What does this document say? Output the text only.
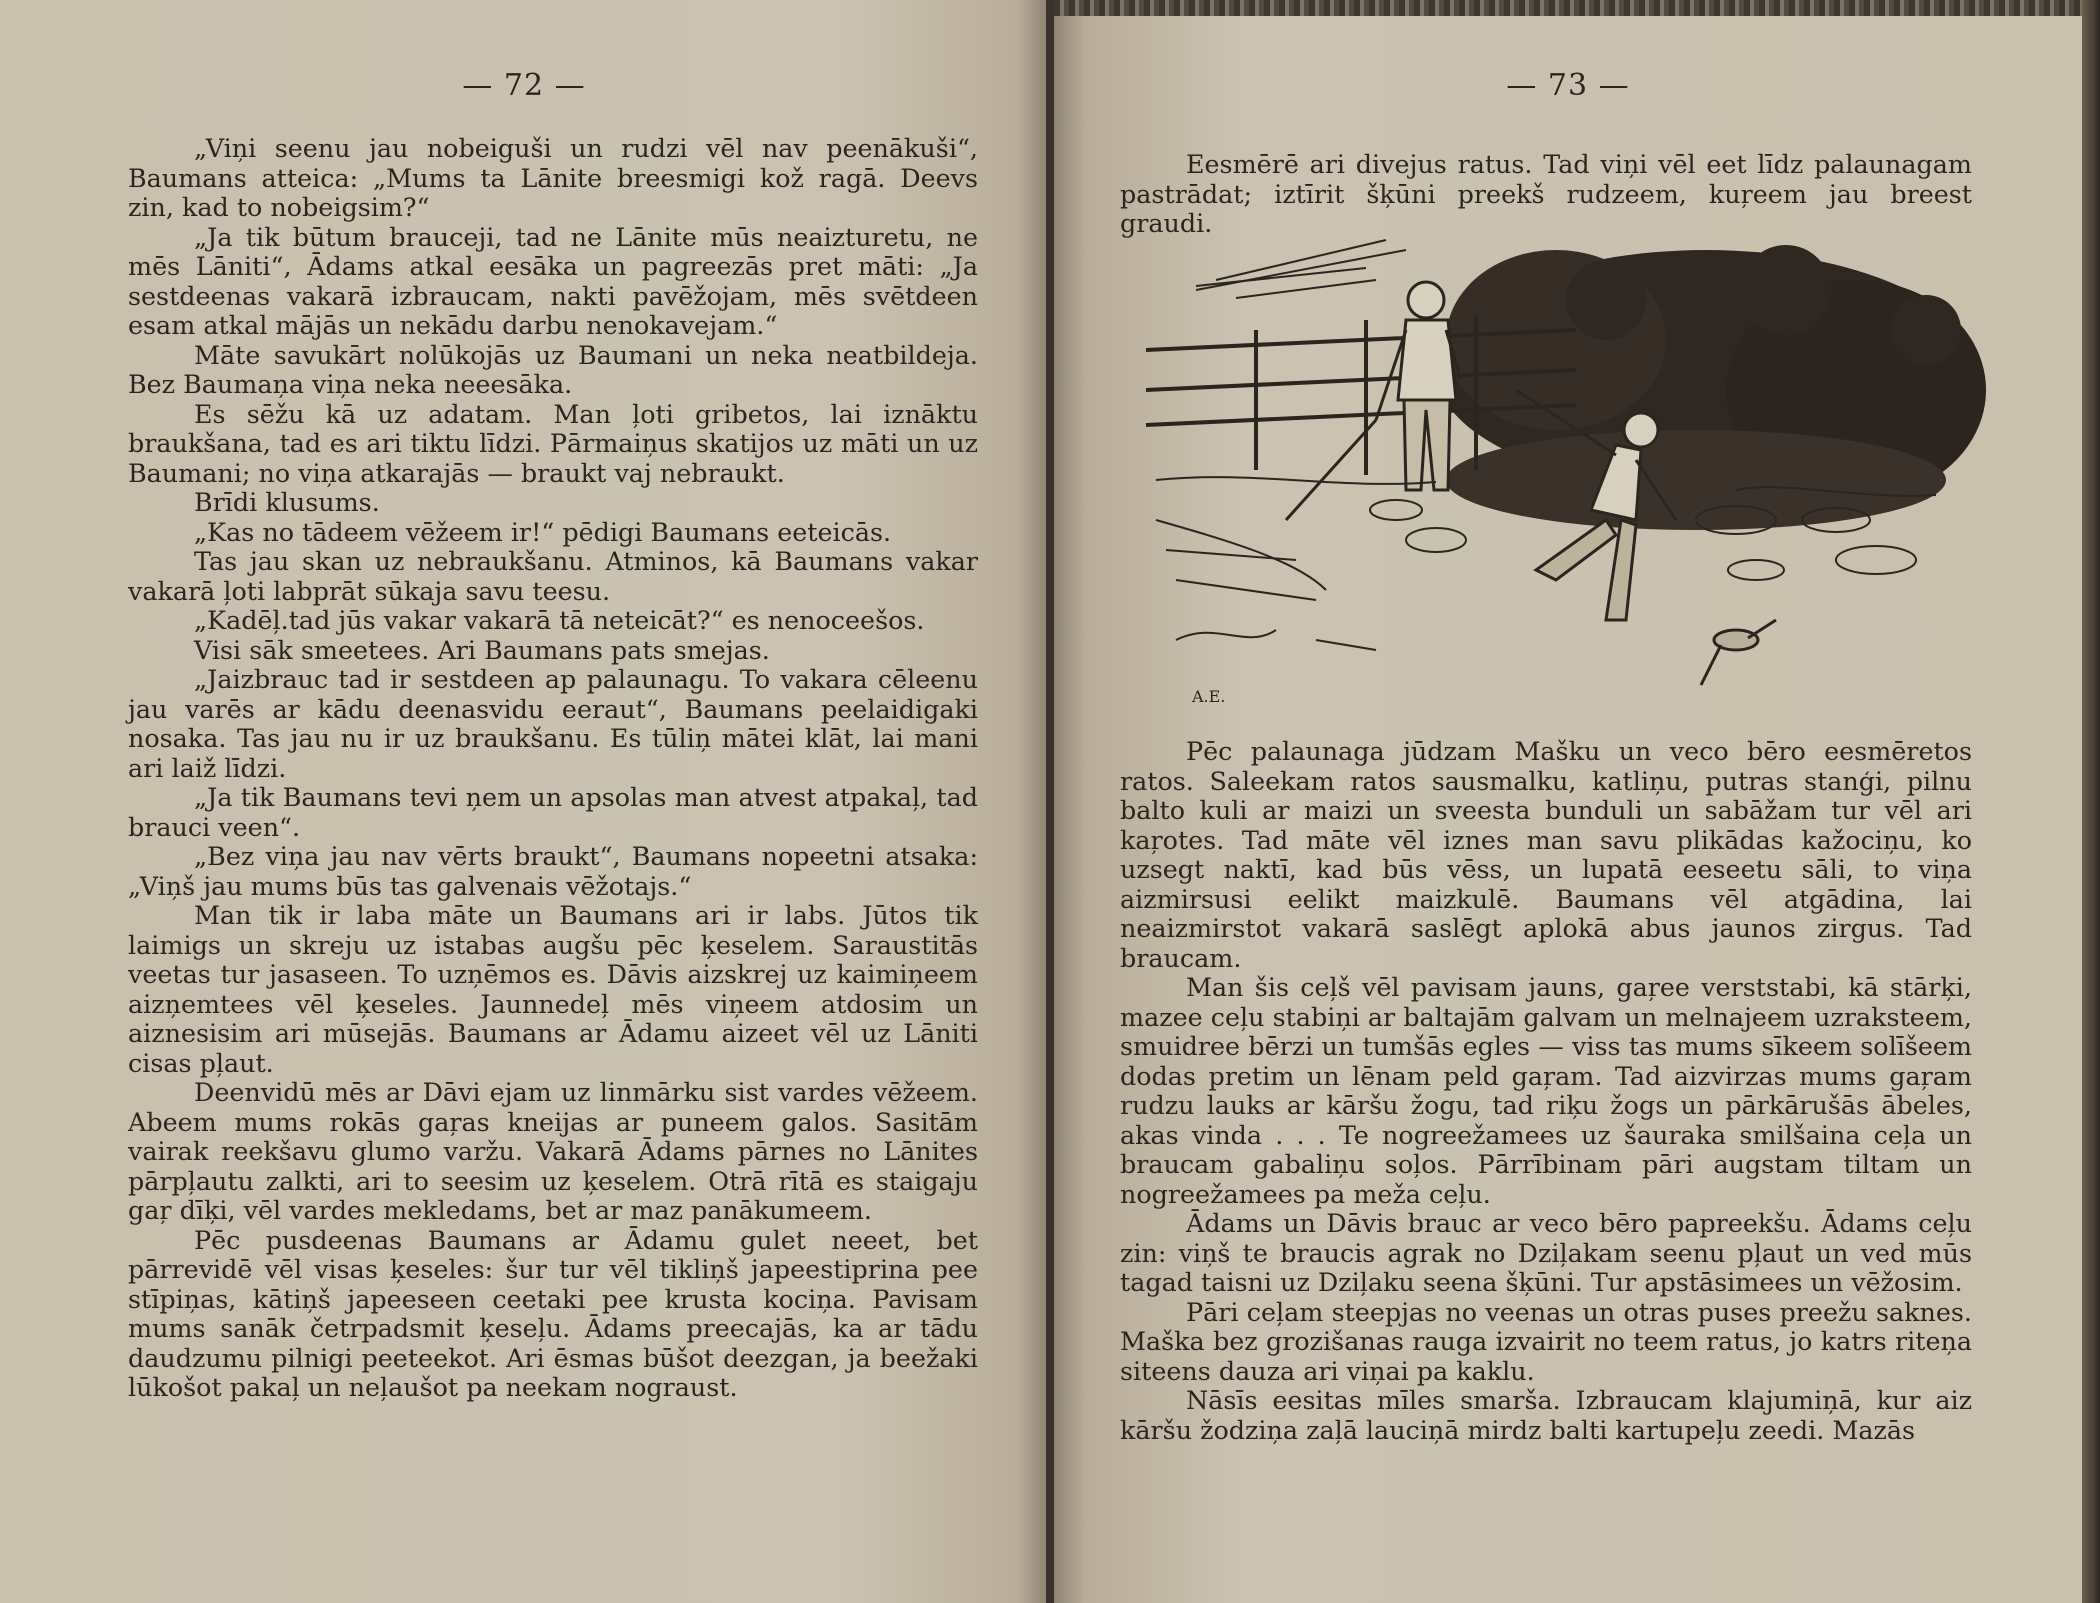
— 72 —

„Viņi seenu jau nobeiguši un rudzi vēl nav peenākuši“, Baumans atteica: „Mums ta Lānite breesmigi kož ragā. Deevs zin, kad to nobeigsim?“

„Ja tik būtum brauceji, tad ne Lānite mūs neaizturetu, ne mēs Lāniti“, Ādams atkal eesāka un pagreezās pret māti: „Ja sestdeenas vakarā izbraucam, nakti pavēžojam, mēs svētdeen esam atkal mājās un nekādu darbu nenokavejam.“

Māte savukārt nolūkojās uz Baumani un neka neatbildeja. Bez Baumaņa viņa neka neeesāka.

Es sēžu kā uz adatam. Man ļoti gribetos, lai iznāktu braukšana, tad es ari tiktu līdzi. Pārmaiņus skatijos uz māti un uz Baumani; no viņa atkarajās — braukt vaj nebraukt.

Brīdi klusums.

„Kas no tādeem vēžeem ir!“ pēdigi Baumans eeteicās.

Tas jau skan uz nebraukšanu. Atminos, kā Baumans vakar vakarā ļoti labprāt sūkaja savu teesu.

„Kadēļ.tad jūs vakar vakarā tā neteicāt?“ es nenoceešos.

Visi sāk smeetees. Ari Baumans pats smejas.

„Jaizbrauc tad ir sestdeen ap palaunagu. To vakara cēleenu jau varēs ar kādu deenasvidu eeraut“, Baumans peelaidigaki nosaka. Tas jau nu ir uz braukšanu. Es tūliņ mātei klāt, lai mani ari laiž līdzi.

„Ja tik Baumans tevi ņem un apsolas man atvest atpakaļ, tad brauci veen“.

„Bez viņa jau nav vērts braukt“, Baumans nopeetni atsaka: „Viņš jau mums būs tas galvenais vēžotajs.“

Man tik ir laba māte un Baumans ari ir labs. Jūtos tik laimigs un skreju uz istabas augšu pēc ķeselem. Saraustitās veetas tur jasaseen. To uzņēmos es. Dāvis aizskrej uz kaimiņeem aizņemtees vēl ķeseles. Jaunnedeļ mēs viņeem atdosim un aiznesisim ari mūsejās. Baumans ar Ādamu aizeet vēl uz Lāniti cisas pļaut.

Deenvidū mēs ar Dāvi ejam uz linmārku sist vardes vēžeem. Abeem mums rokās gaŗas kneijas ar puneem galos. Sasitām vairak reekšavu glumo varžu. Vakarā Ādams pārnes no Lānites pārpļautu zalkti, ari to seesim uz ķeselem. Otrā rītā es staigaju gaŗ dīķi, vēl vardes mekledams, bet ar maz panākumeem.

Pēc pusdeenas Baumans ar Ādamu gulet neeet, bet pārrevidē vēl visas ķeseles: šur tur vēl tikliņš japeestiprina pee stīpiņas, kātiņš japeeseen ceetaki pee krusta kociņa. Pavisam mums sanāk četrpadsmit ķeseļu. Ādams preecajās, ka ar tādu daudzumu pilnigi peeteekot. Ari ēsmas būšot deezgan, ja beežaki lūkošot pakaļ un neļaušot pa neekam nograust.

— 73 —

Eesmērē ari divejus ratus. Tad viņi vēl eet līdz palaunagam pastrādat; iztīrit šķūni preekš rudzeem, kuŗeem jau breest graudi.

A.E.

Pēc palaunaga jūdzam Mašku un veco bēro eesmēretos ratos. Saleekam ratos sausmalku, katliņu, putras stanģi, pilnu balto kuli ar maizi un sveesta bunduli un sabāžam tur vēl ari kaŗotes. Tad māte vēl iznes man savu plikādas kažociņu, ko uzsegt naktī, kad būs vēss, un lupatā eeseetu sāli, to viņa aizmirsusi eelikt maizkulē. Baumans vēl atgādina, lai neaizmirstot vakarā saslēgt aplokā abus jaunos zirgus. Tad braucam.

Man šis ceļš vēl pavisam jauns, gaŗee verststabi, kā stārķi, mazee ceļu stabiņi ar baltajām galvam un melnajeem uzraksteem, smuidree bērzi un tumšās egles — viss tas mums sīkeem solīšeem dodas pretim un lēnam peld gaŗam. Tad aizvirzas mums gaŗam rudzu lauks ar kāršu žogu, tad riķu žogs un pārkārušās ābeles, akas vinda . . . Te nogreežamees uz šauraka smilšaina ceļa un braucam gabaliņu soļos. Pārrībinam pāri augstam tiltam un nogreežamees pa meža ceļu.

Ādams un Dāvis brauc ar veco bēro papreekšu. Ādams ceļu zin: viņš te braucis agrak no Dziļakam seenu pļaut un ved mūs tagad taisni uz Dziļaku seena šķūni. Tur apstāsimees un vēžosim.

Pāri ceļam steepjas no veenas un otras puses preežu saknes. Maška bez grozišanas rauga izvairit no teem ratus, jo katrs riteņa siteens dauza ari viņai pa kaklu.

Nāsīs eesitas mīles smarša. Izbraucam klajumiņā, kur aiz kāršu žodziņa zaļā lauciņā mirdz balti kartupeļu zeedi. Mazās
